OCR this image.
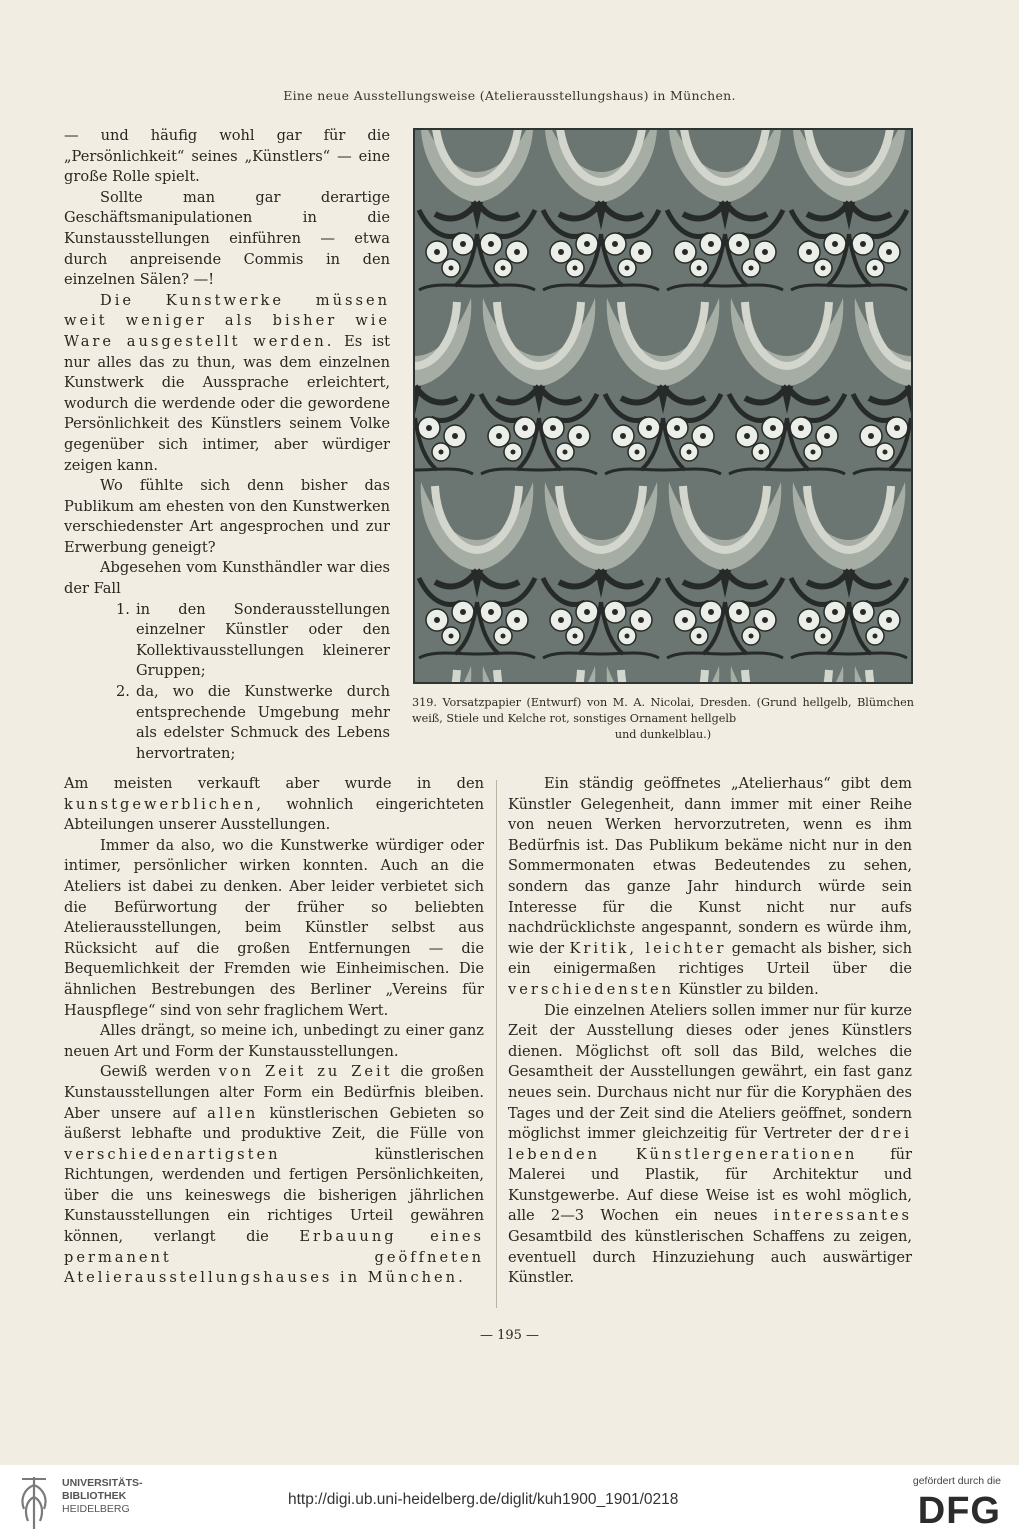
Eine neue Ausstellungsweise (Atelierausstellungshaus) in München.

— und häufig wohl gar für die „Persönlichkeit“ seines „Künstlers“ — eine große Rolle spielt.

Sollte man gar derartige Geschäftsmanipulationen in die Kunstausstellungen einführen — etwa durch anpreisende Commis in den einzelnen Sälen? —!

Die Kunstwerke müssen weit weniger als bisher wie Ware ausgestellt werden. Es ist nur alles das zu thun, was dem einzelnen Kunstwerk die Aussprache erleichtert, wodurch die werdende oder die gewordene Persönlichkeit des Künstlers seinem Volke gegenüber sich intimer, aber würdiger zeigen kann.

Wo fühlte sich denn bisher das Publikum am ehesten von den Kunstwerken verschiedenster Art angesprochen und zur Erwerbung geneigt?

Abgesehen vom Kunsthändler war dies der Fall

1. in den Sonderausstellungen einzelner Künstler oder den Kollektivausstellungen kleinerer Gruppen;
2. da, wo die Kunstwerke durch entsprechende Umgebung mehr als edelster Schmuck des Lebens hervortraten;
319. Vorsatzpapier (Entwurf) von M. A. Nicolai, Dresden. (Grund hellgelb, Blümchen weiß, Stiele und Kelche rot, sonstiges Ornament hellgelb
und dunkelblau.)

Am meisten verkauft aber wurde in den kunstgewerblichen, wohnlich eingerichteten Abteilungen unserer Ausstellungen.

Immer da also, wo die Kunstwerke würdiger oder intimer, persönlicher wirken konnten. Auch an die Ateliers ist dabei zu denken. Aber leider verbietet sich die Befürwortung der früher so beliebten Atelierausstellungen, beim Künstler selbst aus Rücksicht auf die großen Entfernungen — die Bequemlichkeit der Fremden wie Einheimischen. Die ähnlichen Bestrebungen des Berliner „Vereins für Hauspflege“ sind von sehr fraglichem Wert.

Alles drängt, so meine ich, unbedingt zu einer ganz neuen Art und Form der Kunstausstellungen.

Gewiß werden von Zeit zu Zeit die großen Kunstausstellungen alter Form ein Bedürfnis bleiben. Aber unsere auf allen künstlerischen Gebieten so äußerst lebhafte und produktive Zeit, die Fülle von verschiedenartigsten künstlerischen Richtungen, werdenden und fertigen Persönlichkeiten, über die uns keineswegs die bisherigen jährlichen Kunstausstellungen ein richtiges Urteil gewähren können, verlangt die Erbauung eines permanent geöffneten Atelierausstellungshauses in München.

Ein ständig geöffnetes „Atelierhaus“ gibt dem Künstler Gelegenheit, dann immer mit einer Reihe von neuen Werken hervorzutreten, wenn es ihm Bedürfnis ist. Das Publikum bekäme nicht nur in den Sommermonaten etwas Bedeutendes zu sehen, sondern das ganze Jahr hindurch würde sein Interesse für die Kunst nicht nur aufs nachdrücklichste angespannt, sondern es würde ihm, wie der Kritik, leichter gemacht als bisher, sich ein einigermaßen richtiges Urteil über die verschiedensten Künstler zu bilden.

Die einzelnen Ateliers sollen immer nur für kurze Zeit der Ausstellung dieses oder jenes Künstlers dienen. Möglichst oft soll das Bild, welches die Gesamtheit der Ausstellungen gewährt, ein fast ganz neues sein. Durchaus nicht nur für die Koryphäen des Tages und der Zeit sind die Ateliers geöffnet, sondern möglichst immer gleichzeitig für Vertreter der drei lebenden Künstlergenerationen für Malerei und Plastik, für Architektur und Kunstgewerbe. Auf diese Weise ist es wohl möglich, alle 2—3 Wochen ein neues interessantes Gesamtbild des künstlerischen Schaffens zu zeigen, eventuell durch Hinzuziehung auch auswärtiger Künstler.

— 195 —
UNIVERSITÄTS-
BIBLIOTHEK
HEIDELBERG
http://digi.ub.uni-heidelberg.de/diglit/kuh1900_1901/0218
gefördert durch die
DFG
